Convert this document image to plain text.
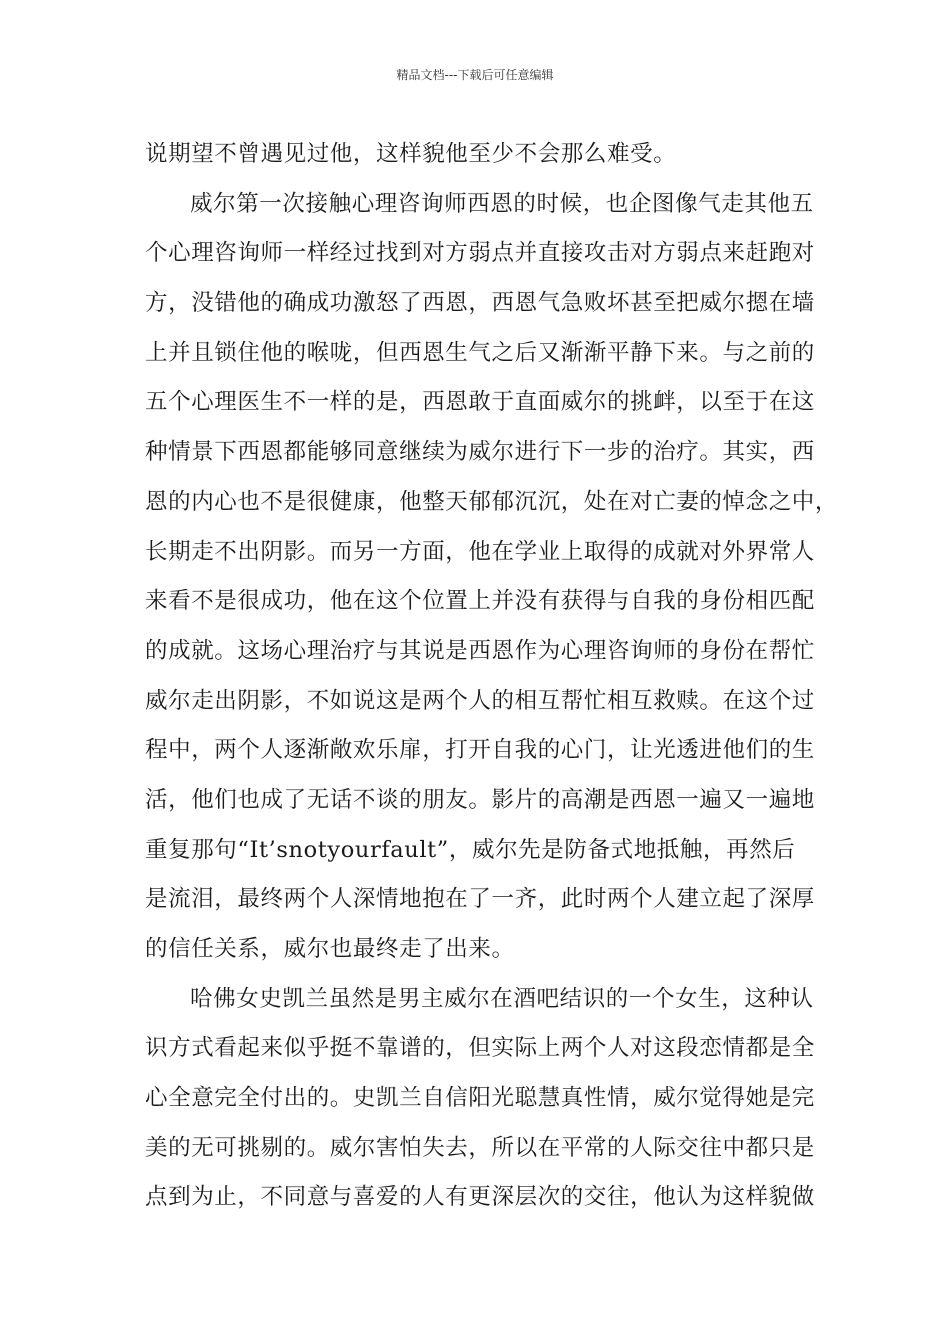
精品文档---下载后可任意编辑
说期望不曾遇见过他，这样貌他至少不会那么难受。
威尔第一次接触心理咨询师西恩的时候，也企图像气走其他五
个心理咨询师一样经过找到对方弱点并直接攻击对方弱点来赶跑对
方，没错他的确成功激怒了西恩，西恩气急败坏甚至把威尔摁在墙
上并且锁住他的喉咙，但西恩生气之后又渐渐平静下来。与之前的
五个心理医生不一样的是，西恩敢于直面威尔的挑衅，以至于在这
种情景下西恩都能够同意继续为威尔进行下一步的治疗。其实，西
恩的内心也不是很健康，他整天郁郁沉沉，处在对亡妻的悼念之中，
长期走不出阴影。而另一方面，他在学业上取得的成就对外界常人
来看不是很成功，他在这个位置上并没有获得与自我的身份相匹配
的成就。这场心理治疗与其说是西恩作为心理咨询师的身份在帮忙
威尔走出阴影，不如说这是两个人的相互帮忙相互救赎。在这个过
程中，两个人逐渐敞欢乐扉，打开自我的心门，让光透进他们的生
活，他们也成了无话不谈的朋友。影片的高潮是西恩一遍又一遍地
重复那句“It’snotyourfault”，威尔先是防备式地抵触，再然后
是流泪，最终两个人深情地抱在了一齐，此时两个人建立起了深厚
的信任关系，威尔也最终走了出来。
哈佛女史凯兰虽然是男主威尔在酒吧结识的一个女生，这种认
识方式看起来似乎挺不靠谱的，但实际上两个人对这段恋情都是全
心全意完全付出的。史凯兰自信阳光聪慧真性情，威尔觉得她是完
美的无可挑剔的。威尔害怕失去，所以在平常的人际交往中都只是
点到为止，不同意与喜爱的人有更深层次的交往，他认为这样貌做
